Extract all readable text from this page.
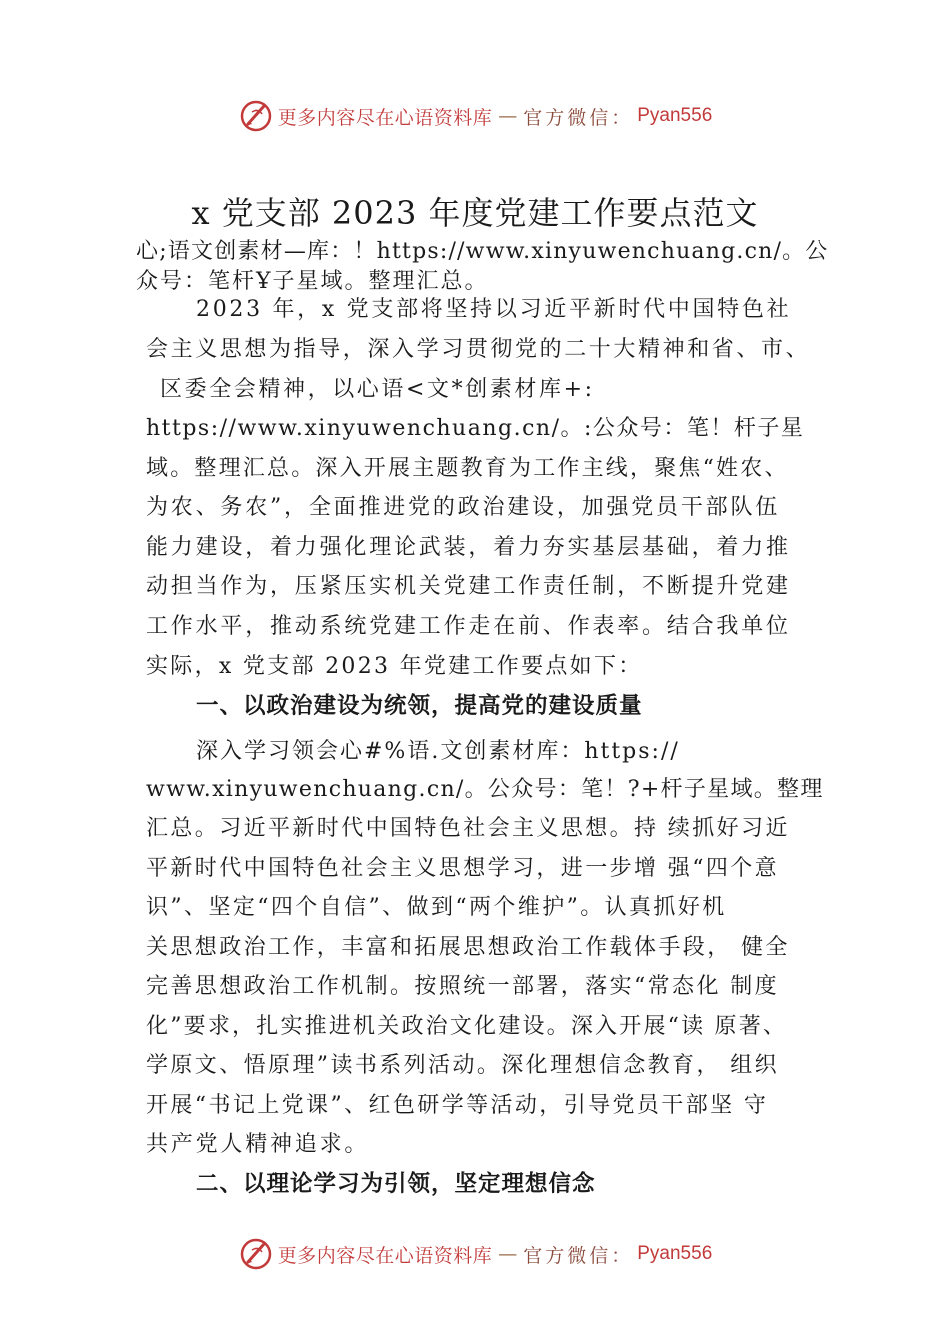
更多内容尽在心语资料库 — 官方微信： Pyan556
x 党支部 2023 年度党建工作要点范文
心;语文创素材—库：！https://www.xinyuwenchuang.cn/。公
众号：笔杆Ұ子星域。整理汇总。
2023 年，x 党支部将坚持以习近平新时代中国特色社
会主义思想为指导，深入学习贯彻党的二十大精神和省、市、
区委全会精神，以心语<文*创素材库+:
https://www.xinyuwenchuang.cn/。:公众号：笔！杆子星
域。整理汇总。深入开展主题教育为工作主线，聚焦“姓农、
为农、务农”，全面推进党的政治建设，加强党员干部队伍
能力建设，着力强化理论武装，着力夯实基层基础，着力推
动担当作为，压紧压实机关党建工作责任制，不断提升党建
工作水平，推动系统党建工作走在前、作表率。结合我单位
实际，x 党支部 2023 年党建工作要点如下：
一、以政治建设为统领，提高党的建设质量
深入学习领会心#%语.文创素材库：https://
www.xinyuwenchuang.cn/。公众号：笔！?+杆子星域。整理
汇总。习近平新时代中国特色社会主义思想。持 续抓好习近
平新时代中国特色社会主义思想学习，进一步增 强“四个意
识”、坚定“四个自信”、做到“两个维护”。认真抓好机
关思想政治工作，丰富和拓展思想政治工作载体手段， 健全
完善思想政治工作机制。按照统一部署，落实“常态化 制度
化”要求，扎实推进机关政治文化建设。深入开展“读 原著、
学原文、悟原理”读书系列活动。深化理想信念教育， 组织
开展“书记上党课”、红色研学等活动，引导党员干部坚 守
共产党人精神追求。
二、以理论学习为引领，坚定理想信念
更多内容尽在心语资料库 — 官方微信： Pyan556
